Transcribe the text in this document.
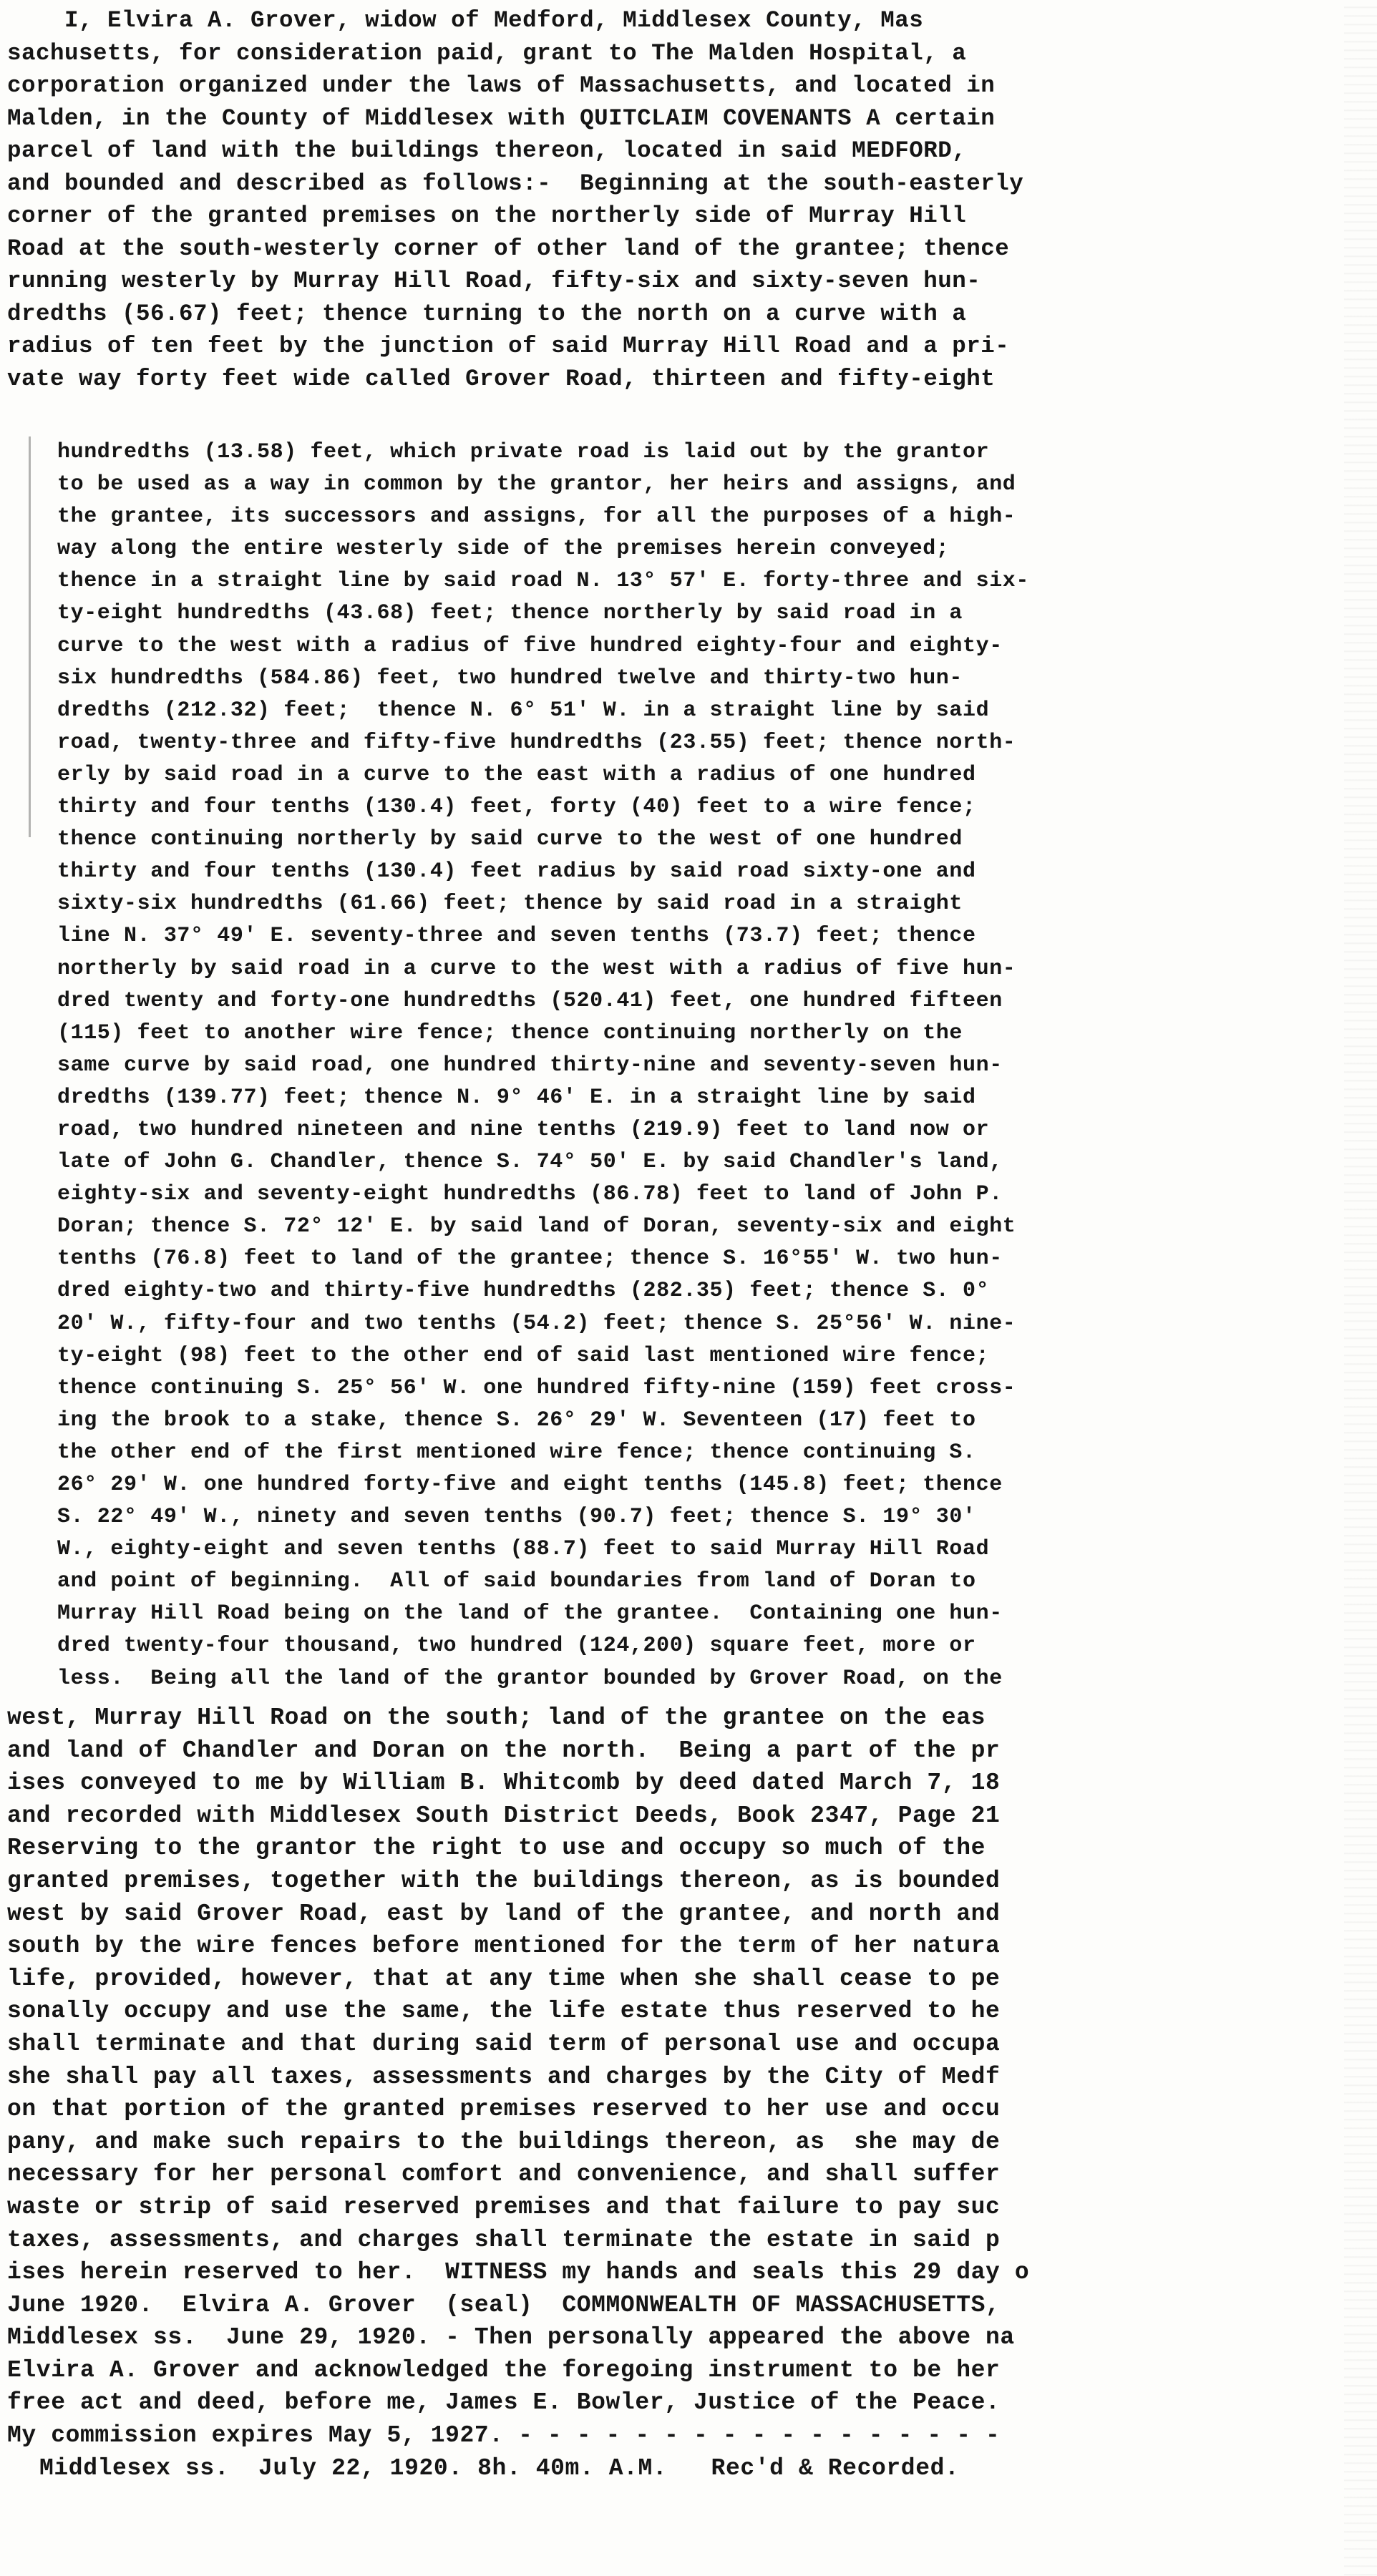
I, Elvira A. Grover, widow of Medford, Middlesex County, Mas
sachusetts, for consideration paid, grant to The Malden Hospital, a
corporation organized under the laws of Massachusetts, and located in
Malden, in the County of Middlesex with QUITCLAIM COVENANTS A certain
parcel of land with the buildings thereon, located in said MEDFORD,
and bounded and described as follows:-  Beginning at the south-easterly
corner of the granted premises on the northerly side of Murray Hill
Road at the south-westerly corner of other land of the grantee; thence
running westerly by Murray Hill Road, fifty-six and sixty-seven hun-
dredths (56.67) feet; thence turning to the north on a curve with a
radius of ten feet by the junction of said Murray Hill Road and a pri-
vate way forty feet wide called Grover Road, thirteen and fifty-eight
hundredths (13.58) feet, which private road is laid out by the grantor
to be used as a way in common by the grantor, her heirs and assigns, and
the grantee, its successors and assigns, for all the purposes of a high-
way along the entire westerly side of the premises herein conveyed;
thence in a straight line by said road N. 13° 57' E. forty-three and six-
ty-eight hundredths (43.68) feet; thence northerly by said road in a
curve to the west with a radius of five hundred eighty-four and eighty-
six hundredths (584.86) feet, two hundred twelve and thirty-two hun-
dredths (212.32) feet;  thence N. 6° 51' W. in a straight line by said
road, twenty-three and fifty-five hundredths (23.55) feet; thence north-
erly by said road in a curve to the east with a radius of one hundred
thirty and four tenths (130.4) feet, forty (40) feet to a wire fence;
thence continuing northerly by said curve to the west of one hundred
thirty and four tenths (130.4) feet radius by said road sixty-one and
sixty-six hundredths (61.66) feet; thence by said road in a straight
line N. 37° 49' E. seventy-three and seven tenths (73.7) feet; thence
northerly by said road in a curve to the west with a radius of five hun-
dred twenty and forty-one hundredths (520.41) feet, one hundred fifteen
(115) feet to another wire fence; thence continuing northerly on the
same curve by said road, one hundred thirty-nine and seventy-seven hun-
dredths (139.77) feet; thence N. 9° 46' E. in a straight line by said
road, two hundred nineteen and nine tenths (219.9) feet to land now or
late of John G. Chandler, thence S. 74° 50' E. by said Chandler's land,
eighty-six and seventy-eight hundredths (86.78) feet to land of John P.
Doran; thence S. 72° 12' E. by said land of Doran, seventy-six and eight
tenths (76.8) feet to land of the grantee; thence S. 16°55' W. two hun-
dred eighty-two and thirty-five hundredths (282.35) feet; thence S. 0°
20' W., fifty-four and two tenths (54.2) feet; thence S. 25°56' W. nine-
ty-eight (98) feet to the other end of said last mentioned wire fence;
thence continuing S. 25° 56' W. one hundred fifty-nine (159) feet cross-
ing the brook to a stake, thence S. 26° 29' W. Seventeen (17) feet to
the other end of the first mentioned wire fence; thence continuing S.
26° 29' W. one hundred forty-five and eight tenths (145.8) feet; thence
S. 22° 49' W., ninety and seven tenths (90.7) feet; thence S. 19° 30'
W., eighty-eight and seven tenths (88.7) feet to said Murray Hill Road
and point of beginning.  All of said boundaries from land of Doran to
Murray Hill Road being on the land of the grantee.  Containing one hun-
dred twenty-four thousand, two hundred (124,200) square feet, more or
less.  Being all the land of the grantor bounded by Grover Road, on the
west, Murray Hill Road on the south; land of the grantee on the eas
and land of Chandler and Doran on the north.  Being a part of the pr
ises conveyed to me by William B. Whitcomb by deed dated March 7, 18
and recorded with Middlesex South District Deeds, Book 2347, Page 21
Reserving to the grantor the right to use and occupy so much of the
granted premises, together with the buildings thereon, as is bounded
west by said Grover Road, east by land of the grantee, and north and
south by the wire fences before mentioned for the term of her natura
life, provided, however, that at any time when she shall cease to pe
sonally occupy and use the same, the life estate thus reserved to he
shall terminate and that during said term of personal use and occupa
she shall pay all taxes, assessments and charges by the City of Medf
on that portion of the granted premises reserved to her use and occu
pany, and make such repairs to the buildings thereon, as  she may de
necessary for her personal comfort and convenience, and shall suffer
waste or strip of said reserved premises and that failure to pay suc
taxes, assessments, and charges shall terminate the estate in said p
ises herein reserved to her.  WITNESS my hands and seals this 29 day o
June 1920.  Elvira A. Grover  (seal)  COMMONWEALTH OF MASSACHUSETTS,
Middlesex ss.  June 29, 1920. - Then personally appeared the above na
Elvira A. Grover and acknowledged the foregoing instrument to be her
free act and deed, before me, James E. Bowler, Justice of the Peace.
My commission expires May 5, 1927. - - - - - - - - - - - - - - - - -
Middlesex ss.  July 22, 1920. 8h. 40m. A.M.   Rec'd & Recorded.
